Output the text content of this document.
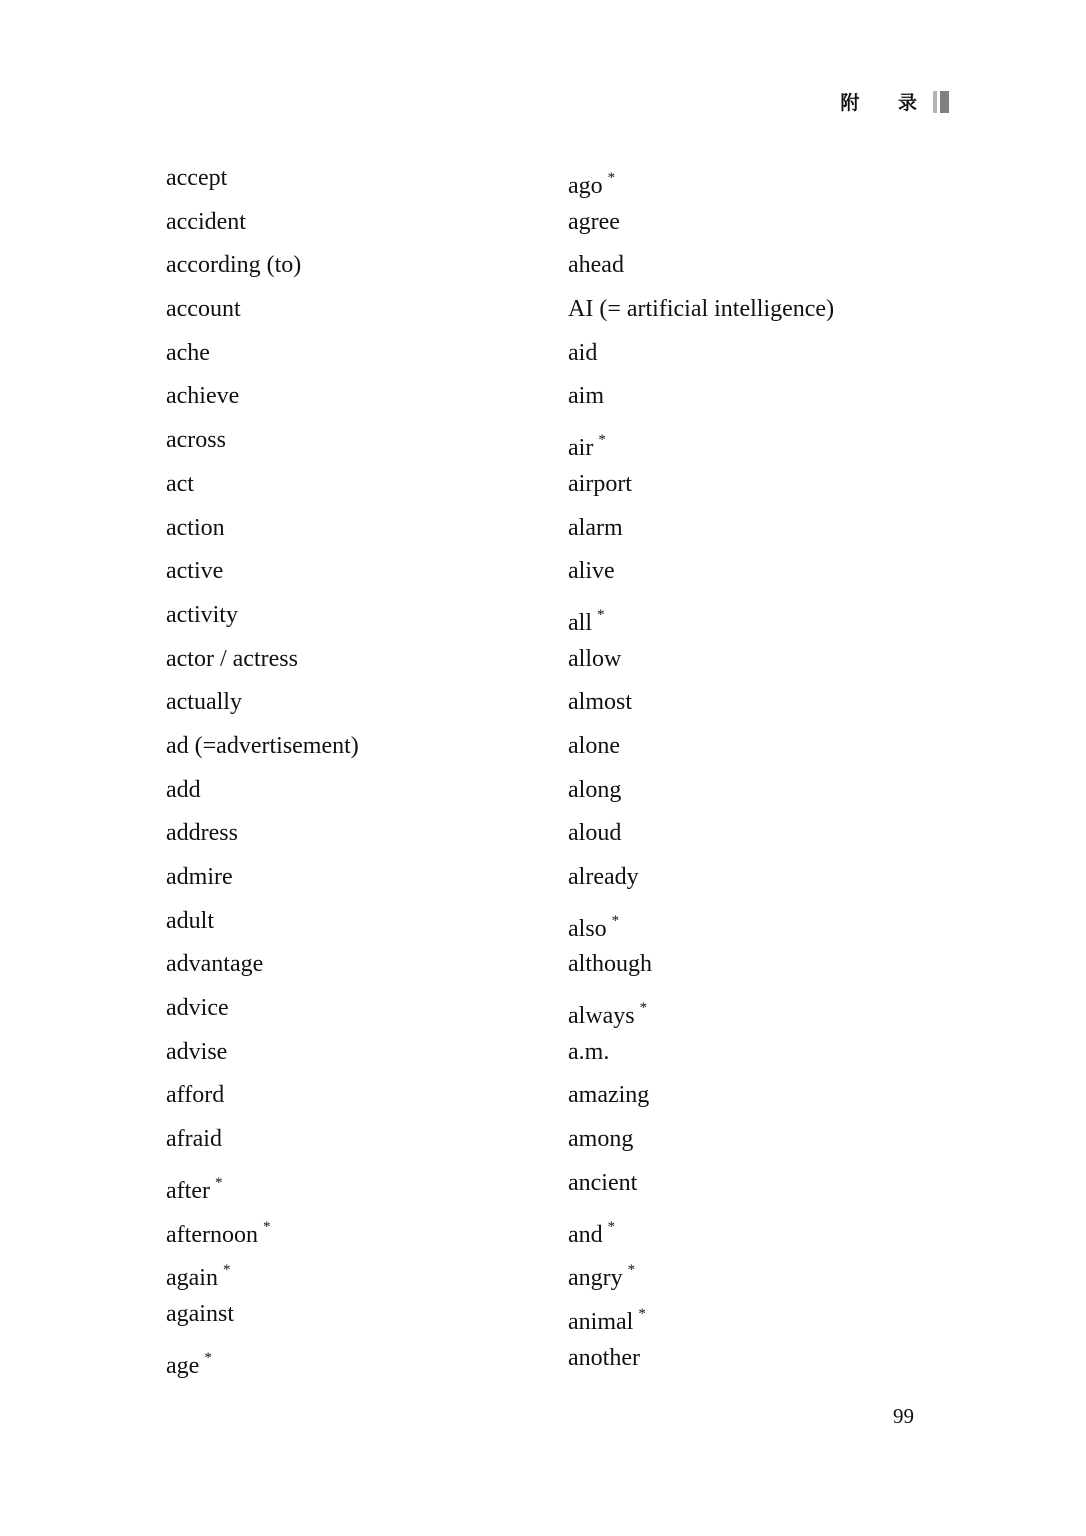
附 录
accept
accident
according (to)
account
ache
achieve
across
act
action
active
activity
actor / actress
actually
ad (=advertisement)
add
address
admire
adult
advantage
advice
advise
afford
afraid
after *
afternoon *
again *
against
age *
ago *
agree
ahead
AI (= artificial intelligence)
aid
aim
air *
airport
alarm
alive
all *
allow
almost
alone
along
aloud
already
also *
although
always *
a.m.
amazing
among
ancient
and *
angry *
animal *
another
99
